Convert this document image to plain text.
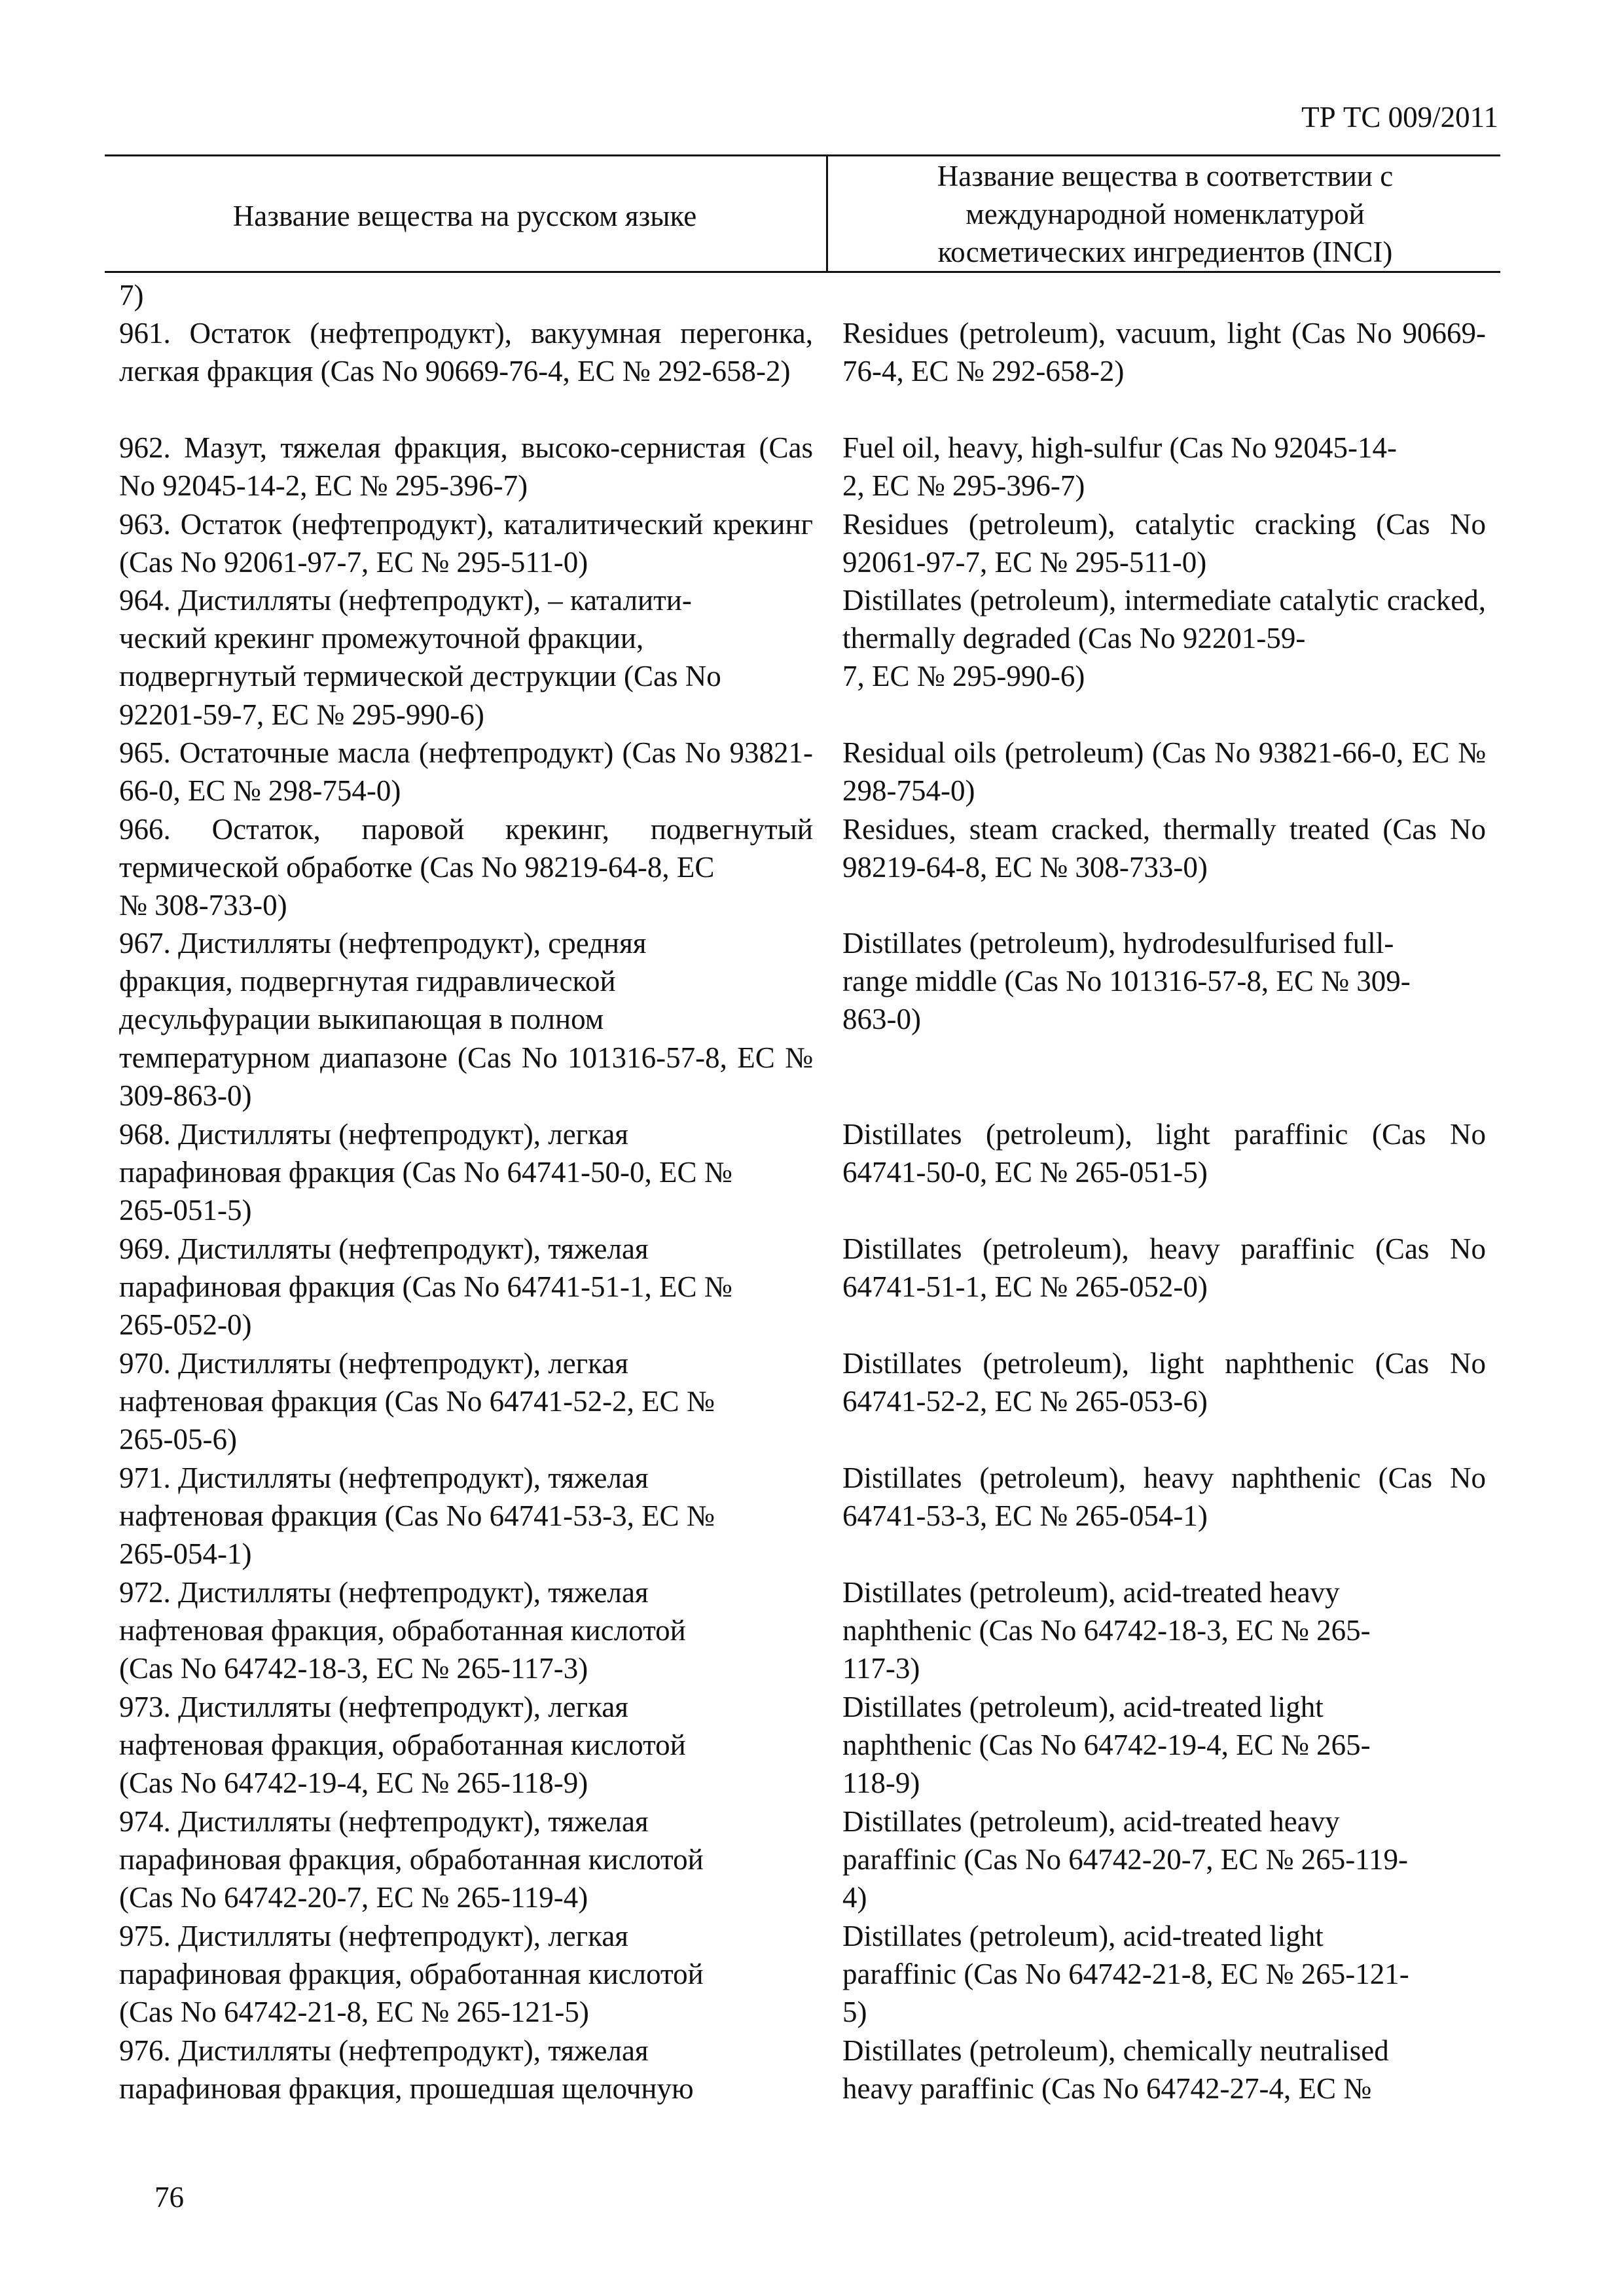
ТР ТС 009/2011
Название вещества на русском языке
Название вещества в соответствии с
международной номенклатурой
косметических ингредиентов (INCI)
7)
961. Остаток (нефтепродукт), вакуумная перегонка, легкая фракция (Cas No 90669-76-4, EC № 292-658-2)
Residues (petroleum), vacuum, light (Cas No 90669-76-4, EC № 292-658-2)
962. Мазут, тяжелая фракция, высоко-сернистая (Cas No 92045-14-2, EC № 295-396-7)
Fuel oil, heavy, high-sulfur (Cas No 92045-14-
2, EC № 295-396-7)
963. Остаток (нефтепродукт), каталитический крекинг (Cas No 92061-97-7, EC № 295-511-0)
Residues (petroleum), catalytic cracking (Cas No 92061-97-7, EC № 295-511-0)
964. Дистилляты (нефтепродукт), – каталити-
ческий крекинг промежуточной фракции,
подвергнутый термической деструкции (Cas No
92201-59-7, EC № 295-990-6)
Distillates (petroleum), intermediate catalytic cracked, thermally degraded (Cas No 92201-59-
7, EC № 295-990-6)
965. Остаточные масла (нефтепродукт) (Cas No 93821-66-0, EC № 298-754-0)
Residual oils (petroleum) (Cas No 93821-66-0, EC № 298-754-0)
966. Остаток, паровой крекинг, подвегнутый термической обработке (Cas No 98219-64-8, EC
№ 308-733-0)
Residues, steam cracked, thermally treated (Cas No 98219-64-8, EC № 308-733-0)
967. Дистилляты (нефтепродукт), средняя
фракция, подвергнутая гидравлической
десульфурации выкипающая в полном
температурном диапазоне (Cas No 101316-57-8, EC № 309-863-0)
Distillates (petroleum), hydrodesulfurised full-
range middle (Cas No 101316-57-8, EC № 309-
863-0)
968. Дистилляты (нефтепродукт), легкая
парафиновая фракция (Cas No 64741-50-0, EC №
265-051-5)
Distillates (petroleum), light paraffinic (Cas No 64741-50-0, EC № 265-051-5)
969. Дистилляты (нефтепродукт), тяжелая
парафиновая фракция (Cas No 64741-51-1, EC №
265-052-0)
Distillates (petroleum), heavy paraffinic (Cas No 64741-51-1, EC № 265-052-0)
970. Дистилляты (нефтепродукт), легкая
нафтеновая фракция (Cas No 64741-52-2, EC №
265-05-6)
Distillates (petroleum), light naphthenic (Cas No 64741-52-2, EC № 265-053-6)
971. Дистилляты (нефтепродукт), тяжелая
нафтеновая фракция (Cas No 64741-53-3, EC №
265-054-1)
Distillates (petroleum), heavy naphthenic (Cas No 64741-53-3, EC № 265-054-1)
972. Дистилляты (нефтепродукт), тяжелая
нафтеновая фракция, обработанная кислотой
(Cas No 64742-18-3, EC № 265-117-3)
Distillates (petroleum), acid-treated heavy
naphthenic (Cas No 64742-18-3, EC № 265-
117-3)
973. Дистилляты (нефтепродукт), легкая
нафтеновая фракция, обработанная кислотой
(Cas No 64742-19-4, EC № 265-118-9)
Distillates (petroleum), acid-treated light
naphthenic (Cas No 64742-19-4, EC № 265-
118-9)
974. Дистилляты (нефтепродукт), тяжелая
парафиновая фракция, обработанная кислотой
(Cas No 64742-20-7, EC № 265-119-4)
Distillates (petroleum), acid-treated heavy
paraffinic (Cas No 64742-20-7, EC № 265-119-
4)
975. Дистилляты (нефтепродукт), легкая
парафиновая фракция, обработанная кислотой
(Cas No 64742-21-8, EC № 265-121-5)
Distillates (petroleum), acid-treated light
paraffinic (Cas No 64742-21-8, EC № 265-121-
5)
976. Дистилляты (нефтепродукт), тяжелая
парафиновая фракция, прошедшая щелочную
Distillates (petroleum), chemically neutralised
heavy paraffinic (Cas No 64742-27-4, EC №
76
